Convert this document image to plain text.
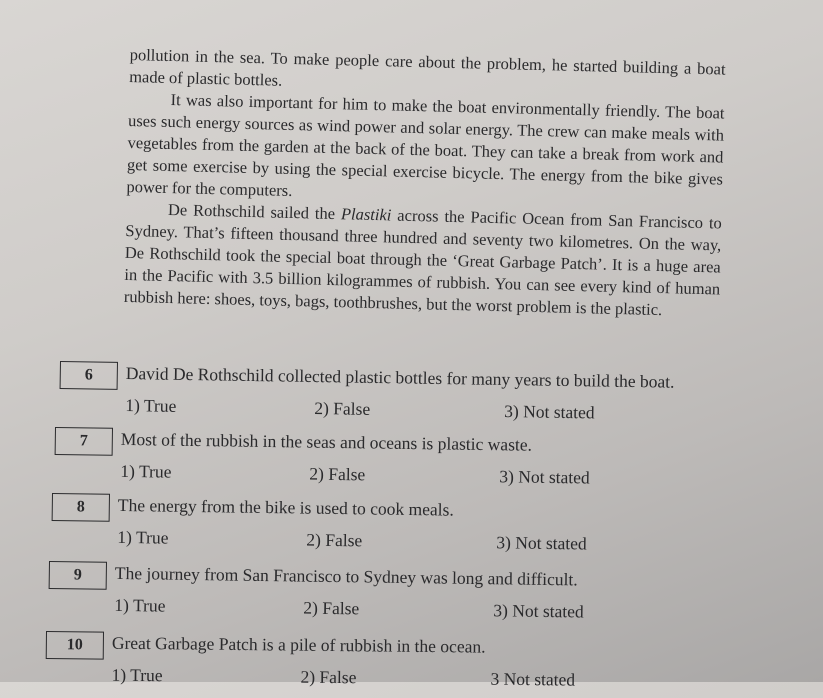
pollution in the sea. To make people care about the problem, he started building a boat made of plastic bottles.

It was also important for him to make the boat environmentally friendly. The boat uses such energy sources as wind power and solar energy. The crew can make meals with vegetables from the garden at the back of the boat. They can take a break from work and get some exercise by using the special exercise bicycle. The energy from the bike gives power for the computers.

De Rothschild sailed the Plastiki across the Pacific Ocean from San Francisco to Sydney. That’s fifteen thousand three hundred and seventy two kilometres. On the way, De Rothschild took the special boat through the ‘Great Garbage Patch’. It is a huge area in the Pacific with 3.5 billion kilogrammes of rubbish. You can see every kind of human rubbish here: shoes, toys, bags, toothbrushes, but the worst problem is the plastic.

6	David De Rothschild collected plastic bottles for many years to build the boat.
1) True	2) False	3) Not stated
7	Most of the rubbish in the seas and oceans is plastic waste.
1) True	2) False	3) Not stated
8	The energy from the bike is used to cook meals.
1) True	2) False	3) Not stated
9	The journey from San Francisco to Sydney was long and difficult.
1) True	2) False	3) Not stated
10	Great Garbage Patch is a pile of rubbish in the ocean.
1) True	2) False	3 Not stated
